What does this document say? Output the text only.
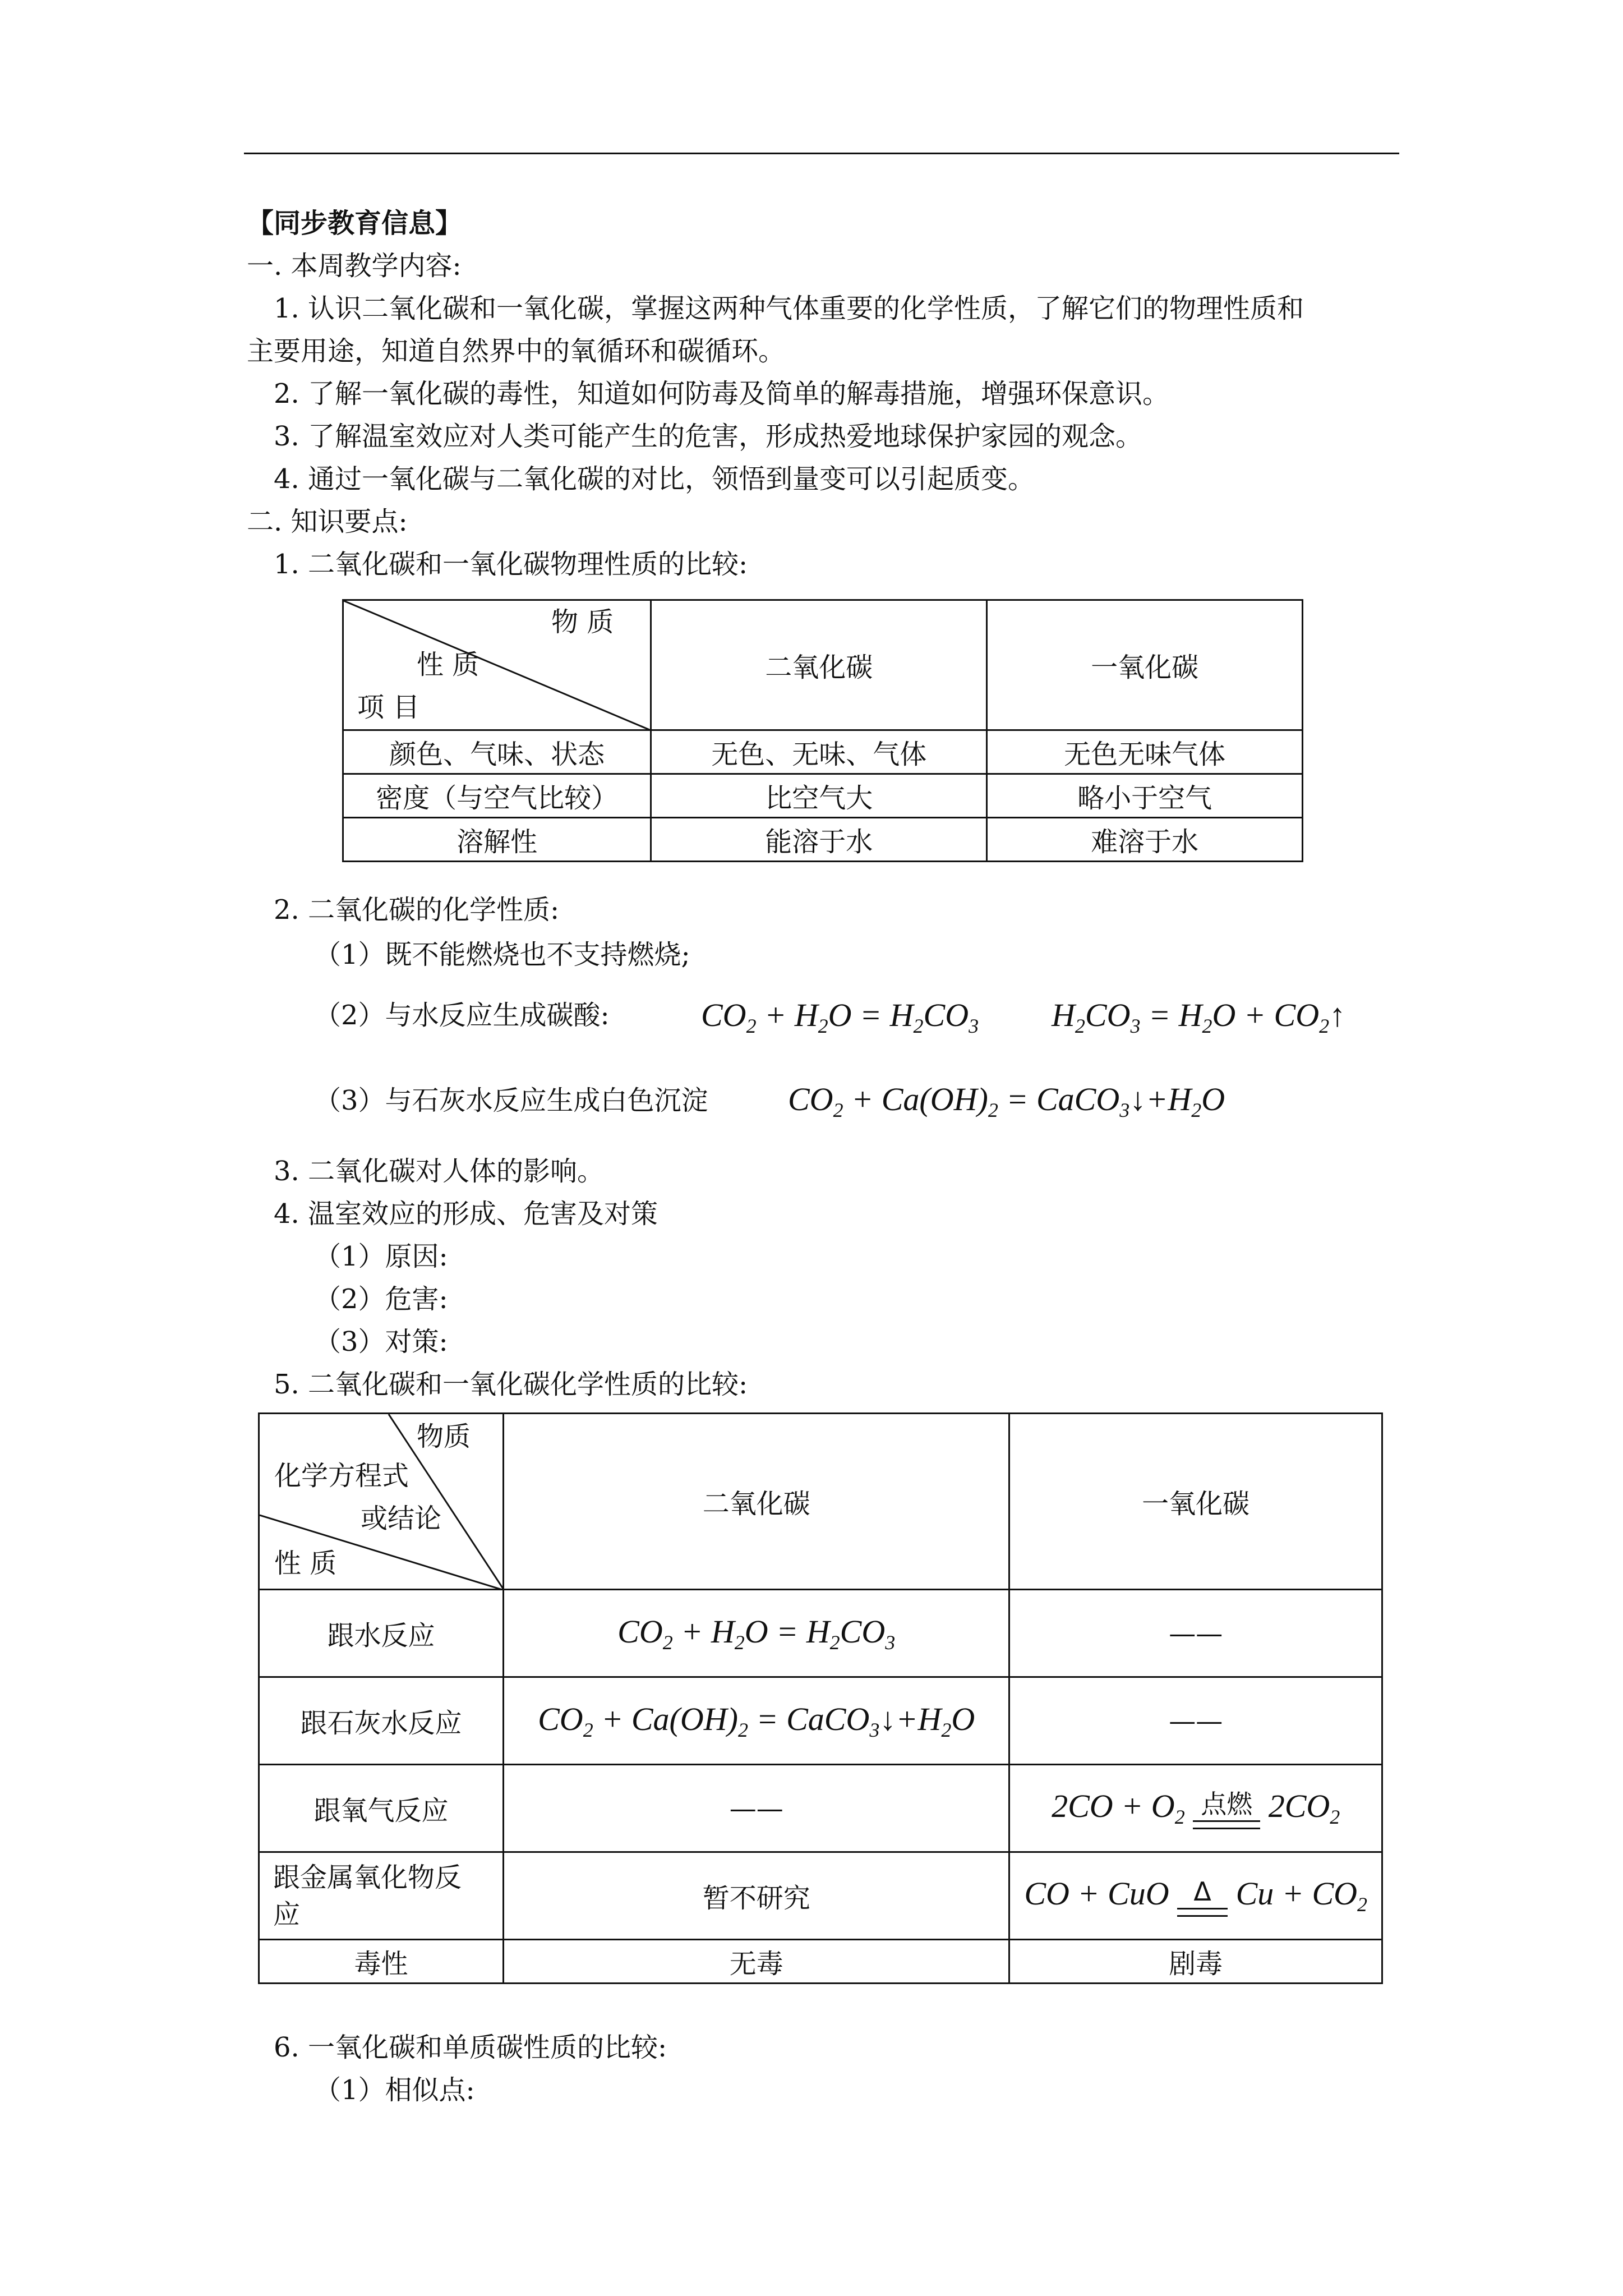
【同步教育信息】
一. 本周教学内容:
1. 认识二氧化碳和一氧化碳，掌握这两种气体重要的化学性质，了解它们的物理性质和
主要用途，知道自然界中的氧循环和碳循环。
2. 了解一氧化碳的毒性，知道如何防毒及简单的解毒措施，增强环保意识。
3. 了解温室效应对人类可能产生的危害，形成热爱地球保护家园的观念。
4. 通过一氧化碳与二氧化碳的对比，领悟到量变可以引起质变。
二. 知识要点:
1. 二氧化碳和一氧化碳物理性质的比较:
物 质
性 质
项 目	二氧化碳	一氧化碳
颜色、气味、状态	无色、无味、气体	无色无味气体
密度（与空气比较）	比空气大	略小于空气
溶解性	能溶于水	难溶于水
2. 二氧化碳的化学性质:
（1）既不能燃烧也不支持燃烧;
（2）与水反应生成碳酸:	$CO_2 + H_2O = H_2CO_3$ $H_2CO_3 = H_2O$ + $CO_2↑$
（3）与石灰水反应生成白色沉淀 $CO_2 + Ca(OH)_2$ = $CaCO_3↓+H_2O$
3. 二氧化碳对人体的影响。
4. 温室效应的形成、危害及对策
（1）原因:
（2）危害:
（3）对策:
5. 二氧化碳和一氧化碳化学性质的比较:
物质
化学方程式
或结论
性 质	二氧化碳	一氧化碳
跟水反应	$CO_2 + H_2O = H_2CO_3$	——
跟石灰水反应	$CO_2 + Ca(OH)_2$ = $CaCO_3↓+H_2O$	——
跟氧气反应	——	$2CO + O_2$ 点燃 $2CO_2$
跟金属氧化物反
应	暂不研究	CO + CuO Δ $Cu + CO_2$
毒性	无毒	剧毒
6. 一氧化碳和单质碳性质的比较:
（1）相似点:
